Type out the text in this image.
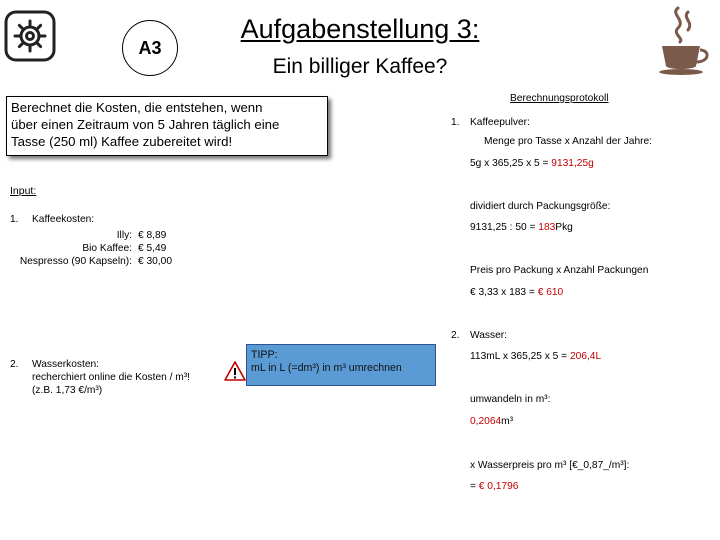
A3
Aufgabenstellung 3:
Ein billiger Kaffee?
Berechnet die Kosten, die entstehen, wenn
über einen Zeitraum von 5 Jahren täglich eine
Tasse (250 ml) Kaffee zubereitet wird!
Input:
1.	Kaffeekosten:
Illy: € 8,89
Bio Kaffee: € 5,49
Nespresso (90 Kapseln): € 30,00
2.	Wasserkosten:
recherchiert online die Kosten / m³!
(z.B. 1,73 €/m³)
TIPP:
mL in L (=dm³) in m³ umrechnen
Berechnungsprotokoll
1. Kaffeepulver:
Menge pro Tasse x Anzahl der Jahre:
5g x 365,25 x 5 = 9131,25g
dividiert durch Packungsgröße:
9131,25 : 50 = 183Pkg
Preis pro Packung x Anzahl Packungen
€ 3,33 x 183 = € 610
2. Wasser:
113mL x 365,25 x 5 = 206,4L
umwandeln in m³:
0,2064m³
x Wasserpreis pro m³ [€_0,87_/m³]:
= € 0,1796
